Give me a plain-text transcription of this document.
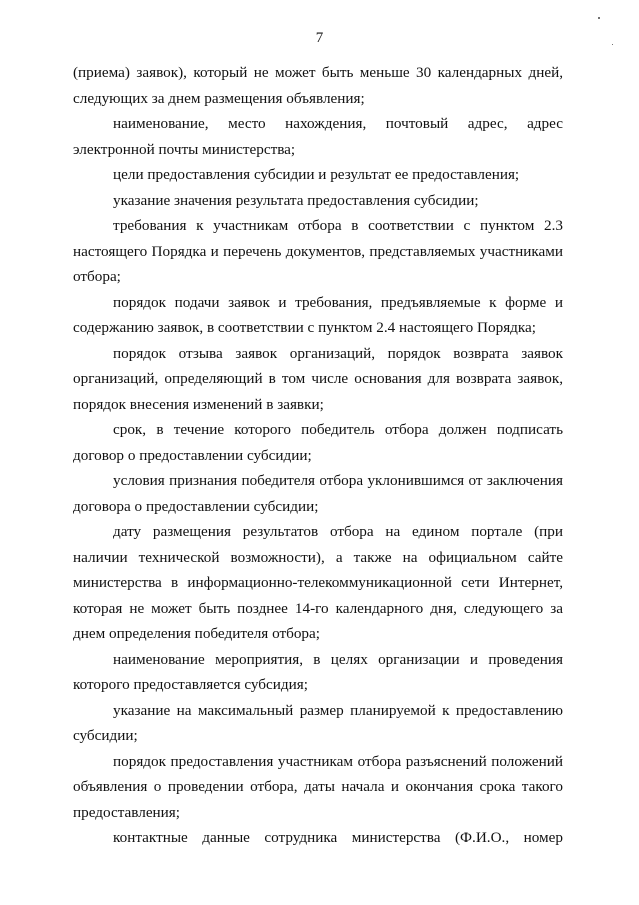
7

(приема) заявок), который не может быть меньше 30 календарных дней, следующих за днем размещения объявления;

наименование, место нахождения, почтовый адрес, адрес электронной почты министерства;

цели предоставления субсидии и результат ее предоставления;

указание значения результата предоставления субсидии;

требования к участникам отбора в соответствии с пунктом 2.3 настоящего Порядка и перечень документов, представляемых участниками отбора;

порядок подачи заявок и требования, предъявляемые к форме и содержанию заявок, в соответствии с пунктом 2.4 настоящего Порядка;

порядок отзыва заявок организаций, порядок возврата заявок организаций, определяющий в том числе основания для возврата заявок, порядок внесения изменений в заявки;

срок, в течение которого победитель отбора должен подписать договор о предоставлении субсидии;

условия признания победителя отбора уклонившимся от заключения договора о предоставлении субсидии;

дату размещения результатов отбора на едином портале (при наличии технической возможности), а также на официальном сайте министерства в информационно-телекоммуникационной сети Интернет, которая не может быть позднее 14-го календарного дня, следующего за днем определения победителя отбора;

наименование мероприятия, в целях организации и проведения которого предоставляется субсидия;

указание на максимальный размер планируемой к предоставлению субсидии;

порядок предоставления участникам отбора разъяснений положений объявления о проведении отбора, даты начала и окончания срока такого предоставления;

контактные данные сотрудника министерства (Ф.И.О., номер
